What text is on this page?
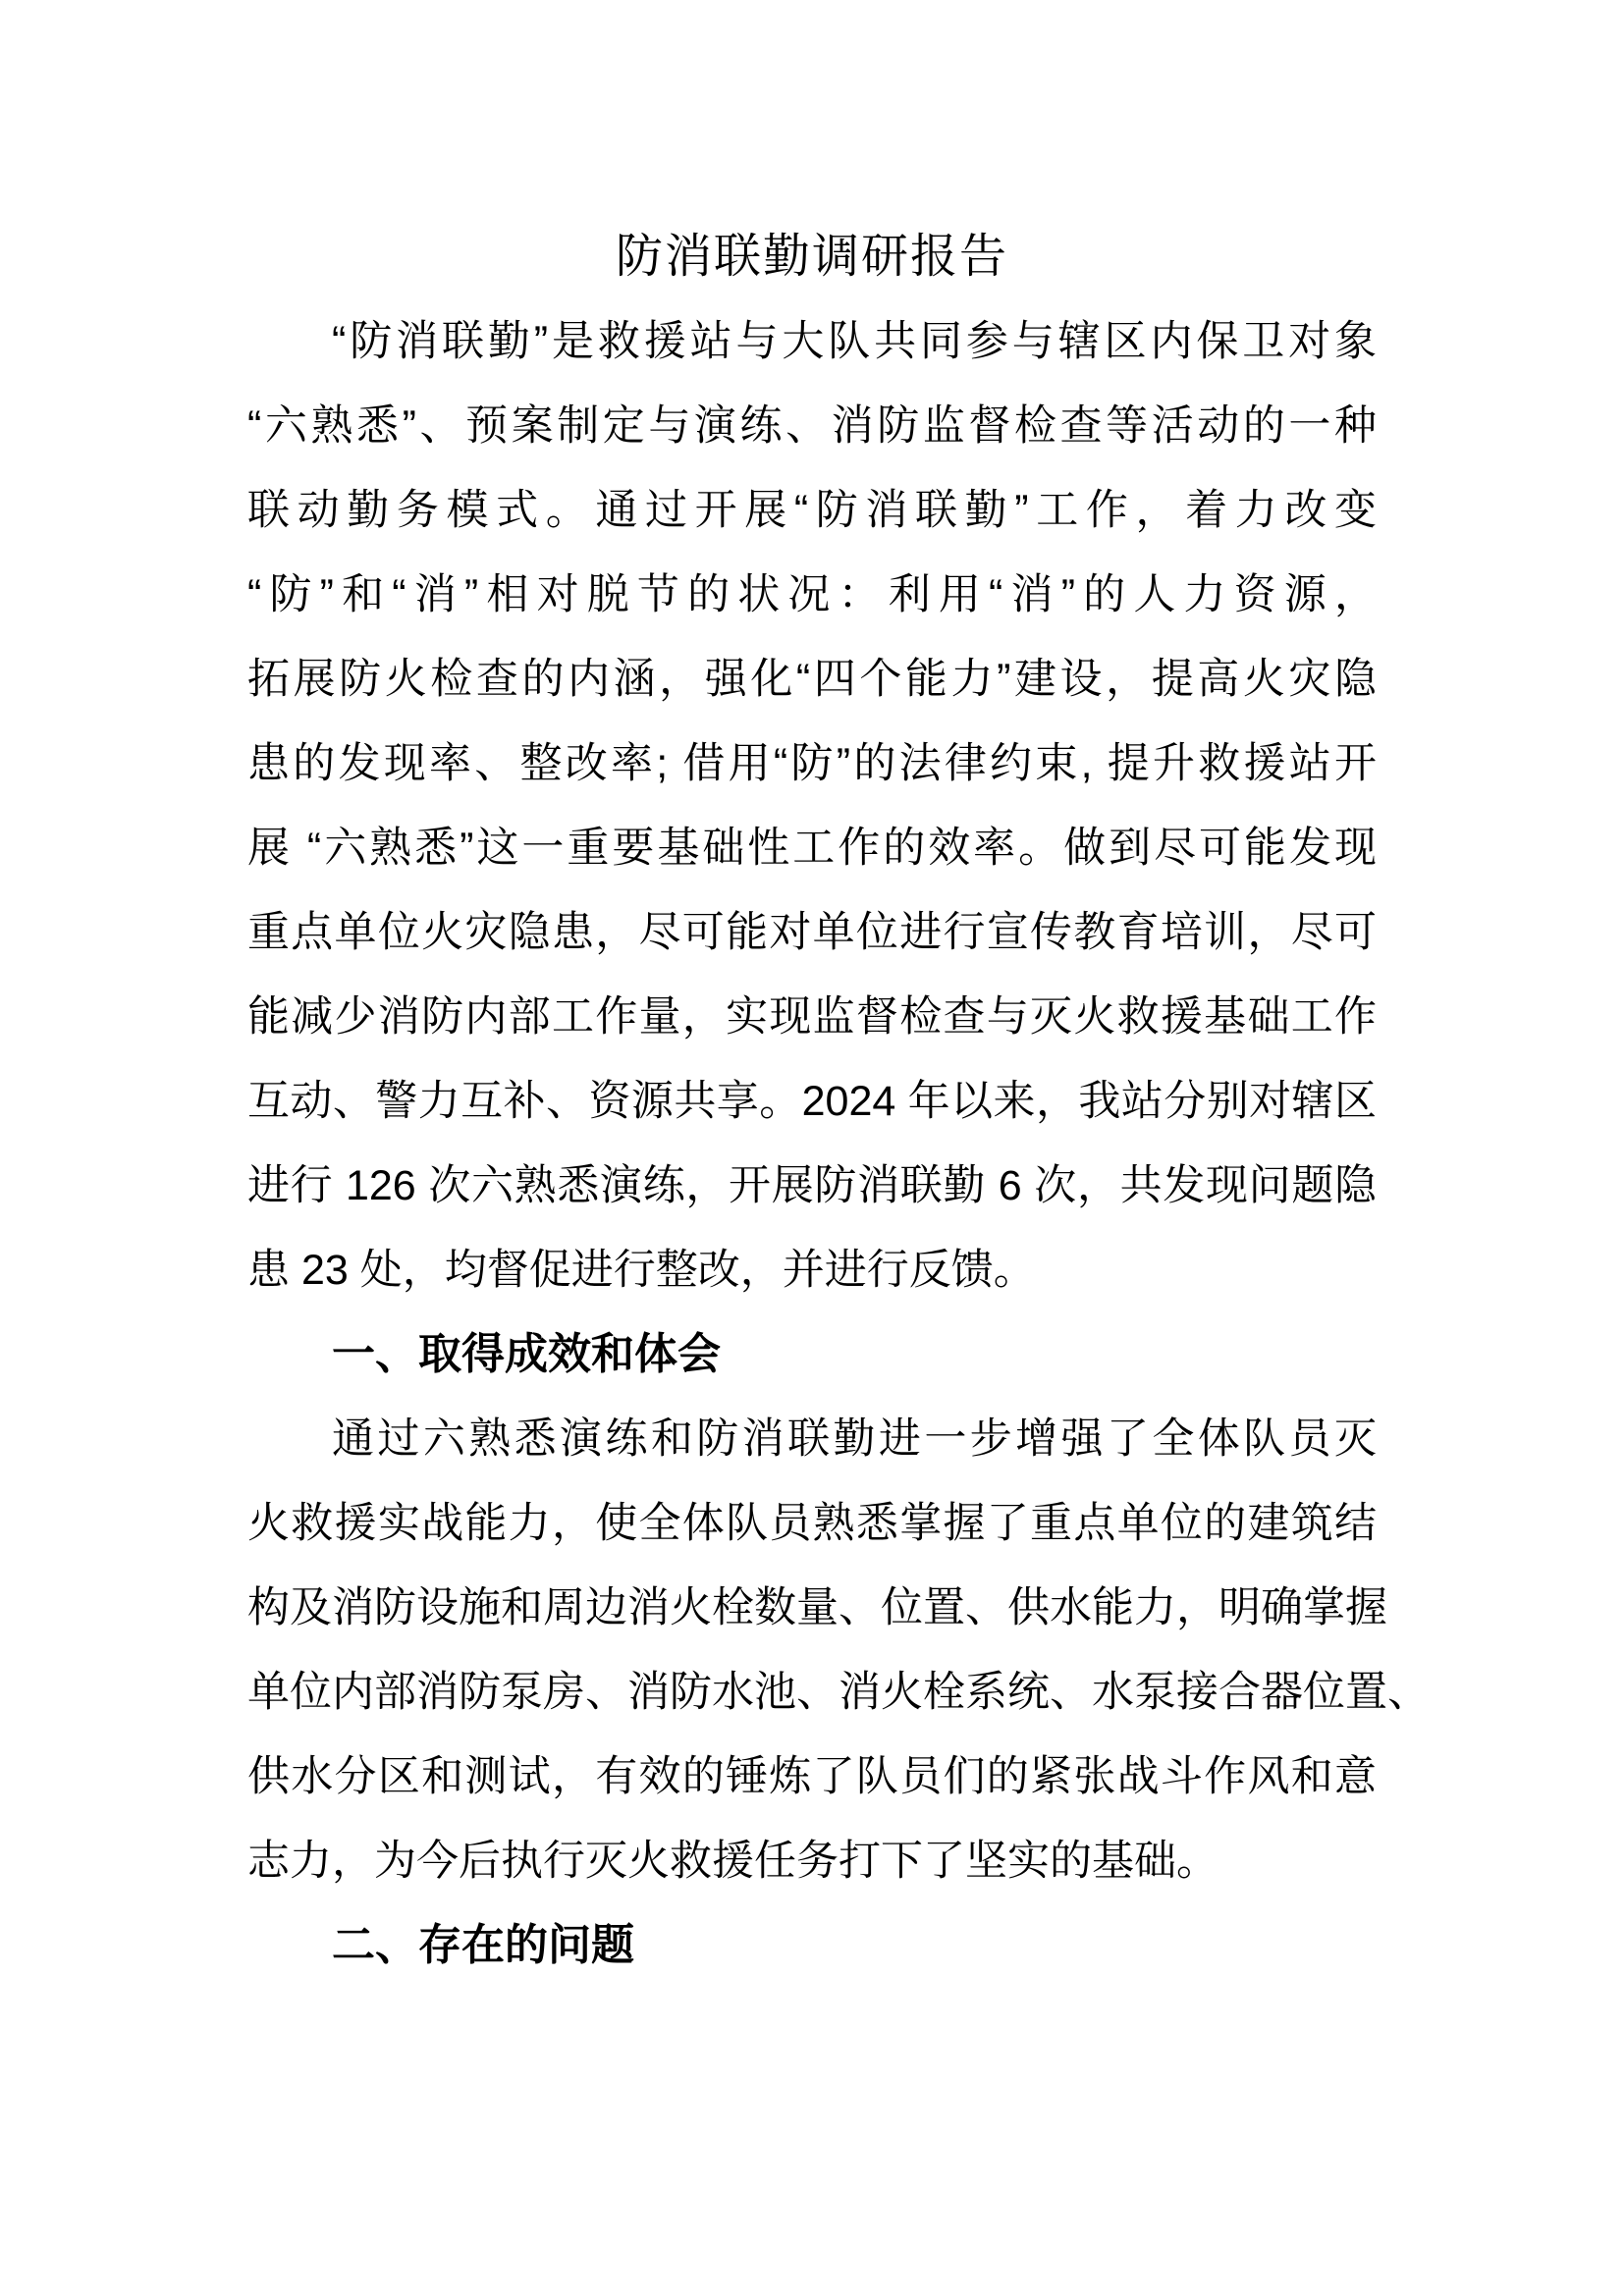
防消联勤调研报告
“防消联勤”是救援站与大队共同参与辖区内保卫对象
“六熟悉”、预案制定与演练、消防监督检查等活动的一种
联动勤务模式。通过开展“防消联勤”工作，着力改变
“防”和“消”相对脱节的状况：利用“消”的人力资源，
拓展防火检查的内涵，强化“四个能力”建设，提高火灾隐
患的发现率、整改率; 借用“防”的法律约束, 提升救援站开
展 “六熟悉”这一重要基础性工作的效率。做到尽可能发现
重点单位火灾隐患，尽可能对单位进行宣传教育培训，尽可
能减少消防内部工作量，实现监督检查与灭火救援基础工作
互动、警力互补、资源共享。2024 年以来，我站分别对辖区
进行 126 次六熟悉演练，开展防消联勤 6 次，共发现问题隐
患 23 处，均督促进行整改，并进行反馈。
一、取得成效和体会
通过六熟悉演练和防消联勤进一步增强了全体队员灭
火救援实战能力，使全体队员熟悉掌握了重点单位的建筑结
构及消防设施和周边消火栓数量、位置、供水能力，明确掌握
单位内部消防泵房、消防水池、消火栓系统、水泵接合器位置、
供水分区和测试，有效的锤炼了队员们的紧张战斗作风和意
志力，为今后执行灭火救援任务打下了坚实的基础。
二、存在的问题
